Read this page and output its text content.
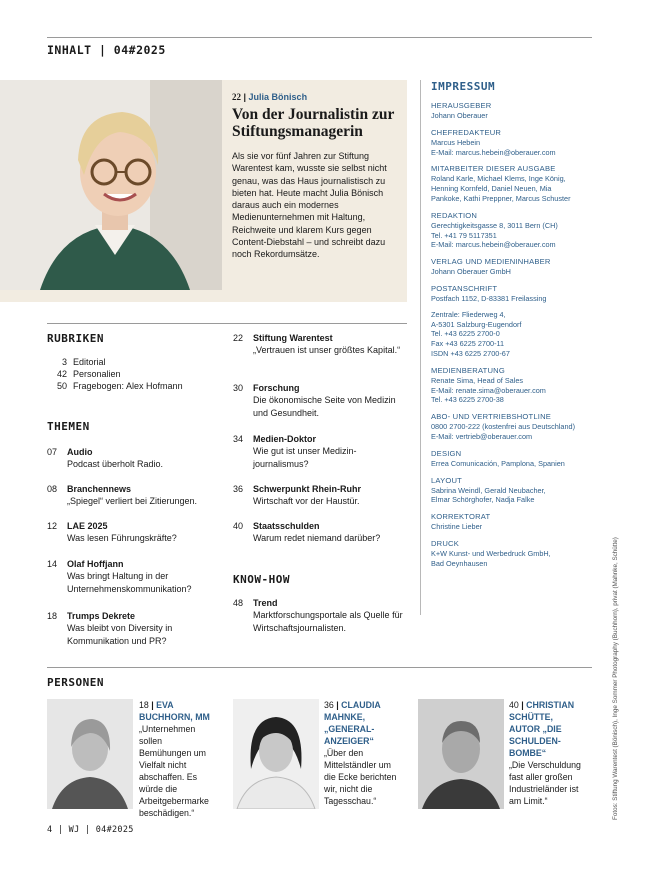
INHALT | 04#2025
22 | Julia Bönisch
Von der Journalistin zur Stiftungsmanagerin
Als sie vor fünf Jahren zur Stiftung Warentest kam, wusste sie selbst nicht genau, was das Haus journalistisch zu bieten hat. Heute macht Julia Bönisch daraus auch ein modernes Medienunternehmen mit Haltung, Reichweite und klarem Kurs gegen Content-Diebstahl – und schreibt dazu noch Rekordumsätze.
IMPRESSUM
HERAUSGEBER
Johann Oberauer
CHEFREDAKTEUR
Marcus Hebein
E-Mail: marcus.hebein@oberauer.com
MITARBEITER DIESER AUSGABE
Roland Karle, Michael Klems, Inge König,
Henning Kornfeld, Daniel Neuen, Mia
Pankoke, Kathi Preppner, Marcus Schuster
REDAKTION
Gerechtigkeitsgasse 8, 3011 Bern (CH)
Tel. +41 79 5117351
E-Mail: marcus.hebein@oberauer.com
VERLAG UND MEDIENINHABER
Johann Oberauer GmbH
POSTANSCHRIFT
Postfach 1152, D-83381 Freilassing
Zentrale: Fliederweg 4,
A-5301 Salzburg-Eugendorf
Tel. +43 6225 2700-0
Fax +43 6225 2700-11
ISDN +43 6225 2700-67
MEDIENBERATUNG
Renate Sima, Head of Sales
E-Mail: renate.sima@oberauer.com
Tel. +43 6225 2700-38
ABO- UND VERTRIEBSHOTLINE
0800 2700-222 (kostenfrei aus Deutschland)
E-Mail: vertrieb@oberauer.com
DESIGN
Errea Comunicación, Pamplona, Spanien
LAYOUT
Sabrina Weindl, Gerald Neubacher,
Elmar Schörghofer, Nadja Falke
KORREKTORAT
Christine Lieber
DRUCK
K+W Kunst- und Werbedruck GmbH,
Bad Oeynhausen
RUBRIKEN
3 Editorial
42 Personalien
50 Fragebogen: Alex Hofmann
THEMEN
07	Audio
Podcast überholt Radio.
08	Branchennews
„Spiegel“ verliert bei Zitierungen.
12	LAE 2025
Was lesen Führungskräfte?
14	Olaf Hoffjann
Was bringt Haltung in der Unternehmenskommunikation?
18	Trumps Dekrete
Was bleibt von Diversity in Kommunikation und PR?
22	Stiftung Warentest
„Vertrauen ist unser größtes Kapital.“
30	Forschung
Die ökonomische Seite von Medizin und Gesundheit.
34	Medien-Doktor
Wie gut ist unser Medizin-journalismus?
36	Schwerpunkt Rhein-Ruhr
Wirtschaft vor der Haustür.
40	Staatsschulden
Warum redet niemand darüber?
KNOW-HOW
48	Trend
Marktforschungsportale als Quelle für Wirtschaftsjournalisten.
PERSONEN
18 | EVA BUCHHORN, MM
„Unternehmen sollen Bemühungen um Vielfalt nicht abschaffen. Es würde die Arbeitgebermarke beschädigen.“
36 | CLAUDIA MAHNKE, „GENERAL-ANZEIGER“
„Über den Mittelständler um die Ecke berichten wir, nicht die Tagesschau.“
40 | CHRISTIAN SCHÜTTE, AUTOR „DIE SCHULDEN-BOMBE“
„Die Verschuldung fast aller großen Industrieländer ist am Limit.“
4 | WJ | 04#2025
Fotos: Stiftung Warentest (Bönisch), Inge Sommer Photography (Buchhorn), privat (Mahnke, Schütte)
